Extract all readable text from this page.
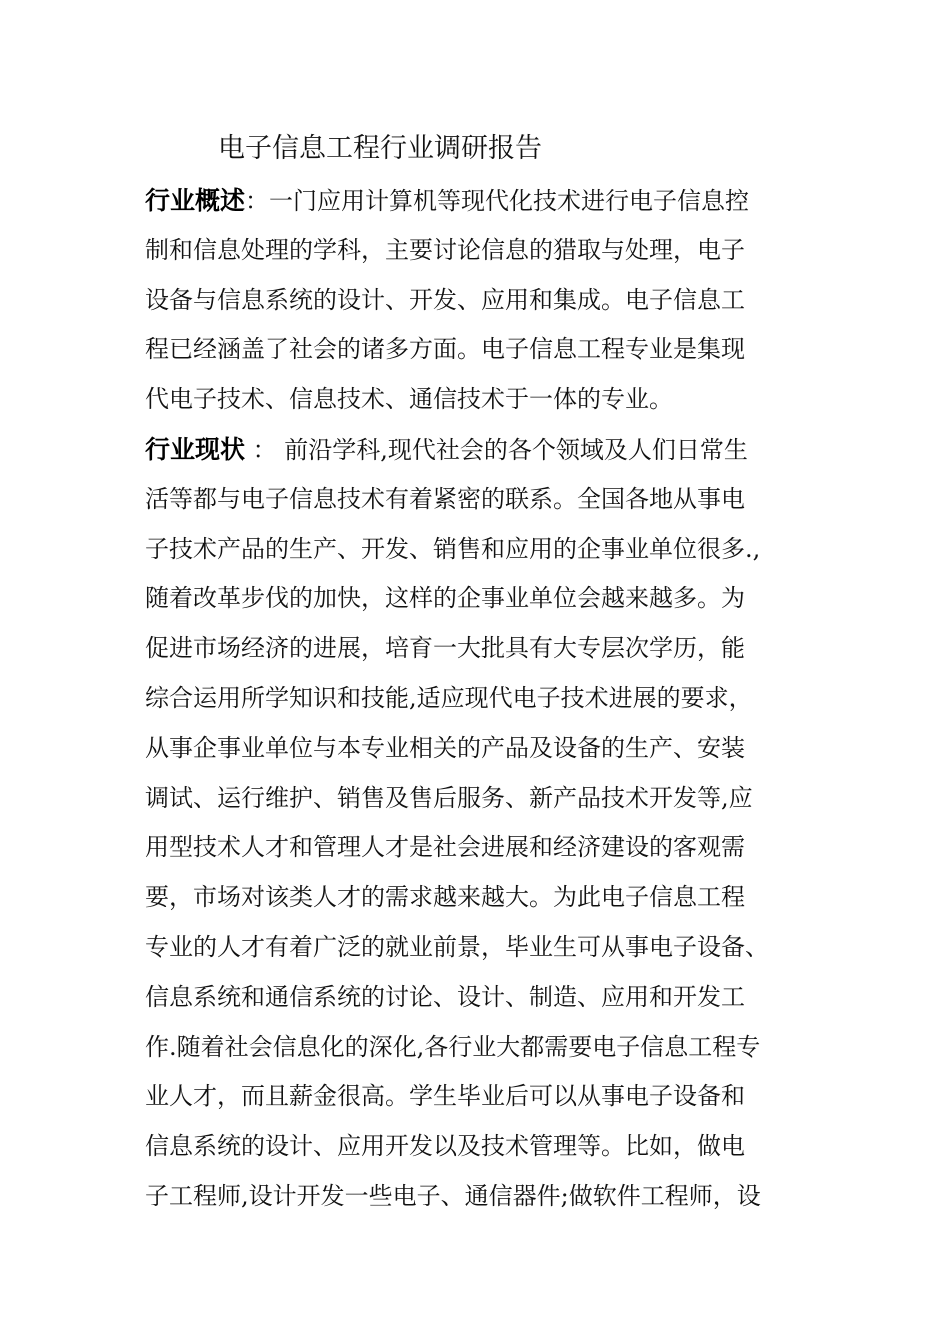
电子信息工程行业调研报告
行业概述：一门应用计算机等现代化技术进行电子信息控
制和信息处理的学科，主要讨论信息的猎取与处理，电子
设备与信息系统的设计、开发、应用和集成。电子信息工
程已经涵盖了社会的诸多方面。电子信息工程专业是集现
代电子技术、信息技术、通信技术于一体的专业。
行业现状 ： 前沿学科,现代社会的各个领域及人们日常生
活等都与电子信息技术有着紧密的联系。全国各地从事电
子技术产品的生产、开发、销售和应用的企事业单位很多.,
随着改革步伐的加快，这样的企事业单位会越来越多。为
促进市场经济的进展，培育一大批具有大专层次学历，能
综合运用所学知识和技能,适应现代电子技术进展的要求，
从事企事业单位与本专业相关的产品及设备的生产、安装
调试、运行维护、销售及售后服务、新产品技术开发等,应
用型技术人才和管理人才是社会进展和经济建设的客观需
要，市场对该类人才的需求越来越大。为此电子信息工程
专业的人才有着广泛的就业前景，毕业生可从事电子设备、
信息系统和通信系统的讨论、设计、制造、应用和开发工
作.随着社会信息化的深化,各行业大都需要电子信息工程专
业人才，而且薪金很高。学生毕业后可以从事电子设备和
信息系统的设计、应用开发以及技术管理等。比如，做电
子工程师,设计开发一些电子、通信器件;做软件工程师，设
